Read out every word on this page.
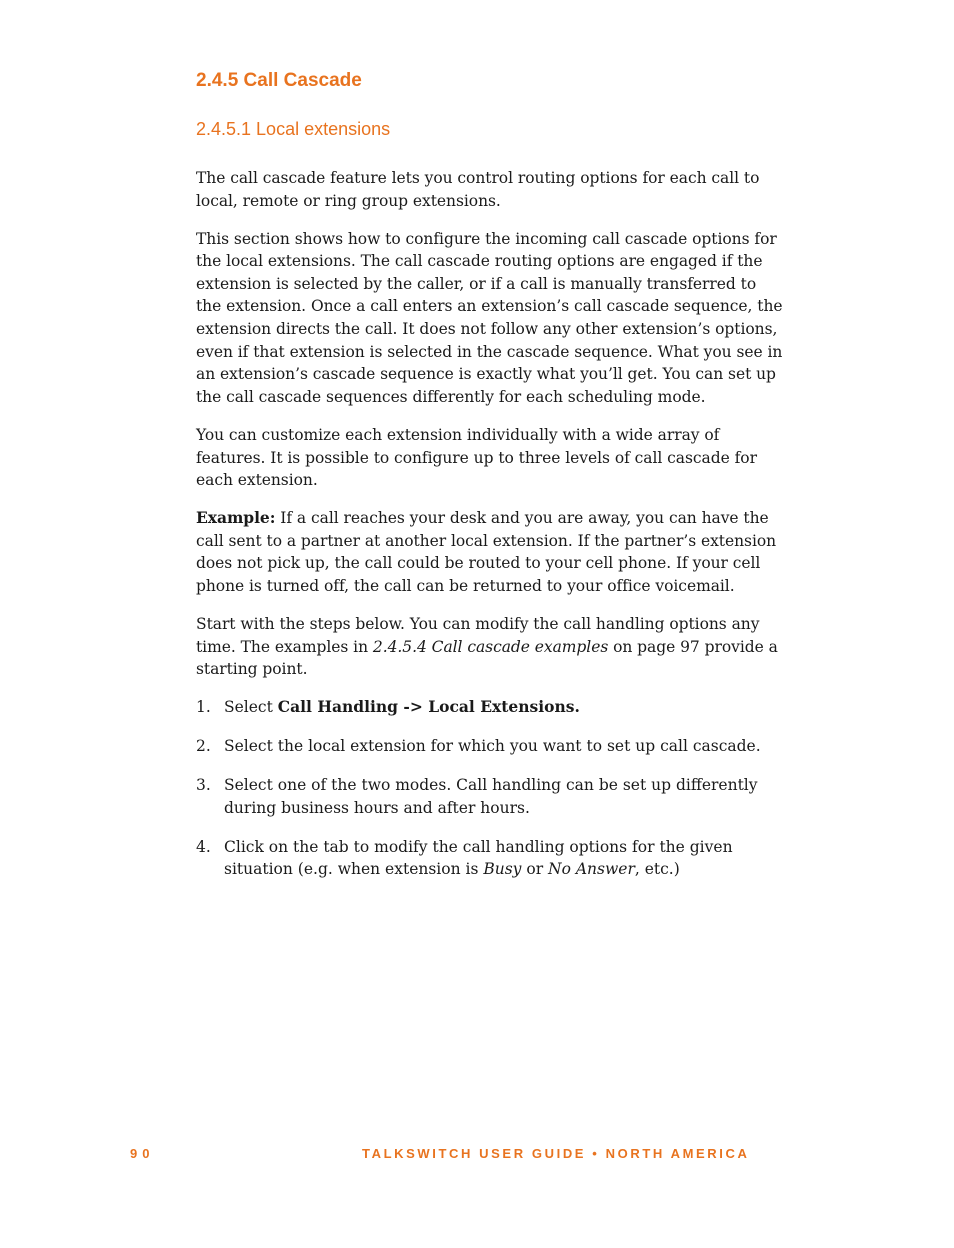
2.4.5 Call Cascade
2.4.5.1 Local extensions

The call cascade feature lets you control routing options for each call to local, remote or ring group extensions.

This section shows how to configure the incoming call cascade options for the local extensions. The call cascade routing options are engaged if the extension is selected by the caller, or if a call is manually transferred to the extension. Once a call enters an extension’s call cascade sequence, the extension directs the call. It does not follow any other extension’s options, even if that extension is selected in the cascade sequence. What you see in an extension’s cascade sequence is exactly what you’ll get. You can set up the call cascade sequences differently for each scheduling mode.

You can customize each extension individually with a wide array of features. It is possible to configure up to three levels of call cascade for each extension.

Example: If a call reaches your desk and you are away, you can have the call sent to a partner at another local extension. If the partner’s extension does not pick up, the call could be routed to your cell phone. If your cell phone is turned off, the call can be returned to your office voicemail.

Start with the steps below. You can modify the call handling options any time. The examples in 2.4.5.4 Call cascade examples on page 97 provide a starting point.

1. Select Call Handling -> Local Extensions.
2. Select the local extension for which you want to set up call cascade.
3. Select one of the two modes. Call handling can be set up differently during business hours and after hours.
4. Click on the tab to modify the call handling options for the given situation (e.g. when extension is Busy or No Answer, etc.)
90	TALKSWITCH USER GUIDE • NORTH AMERICA
